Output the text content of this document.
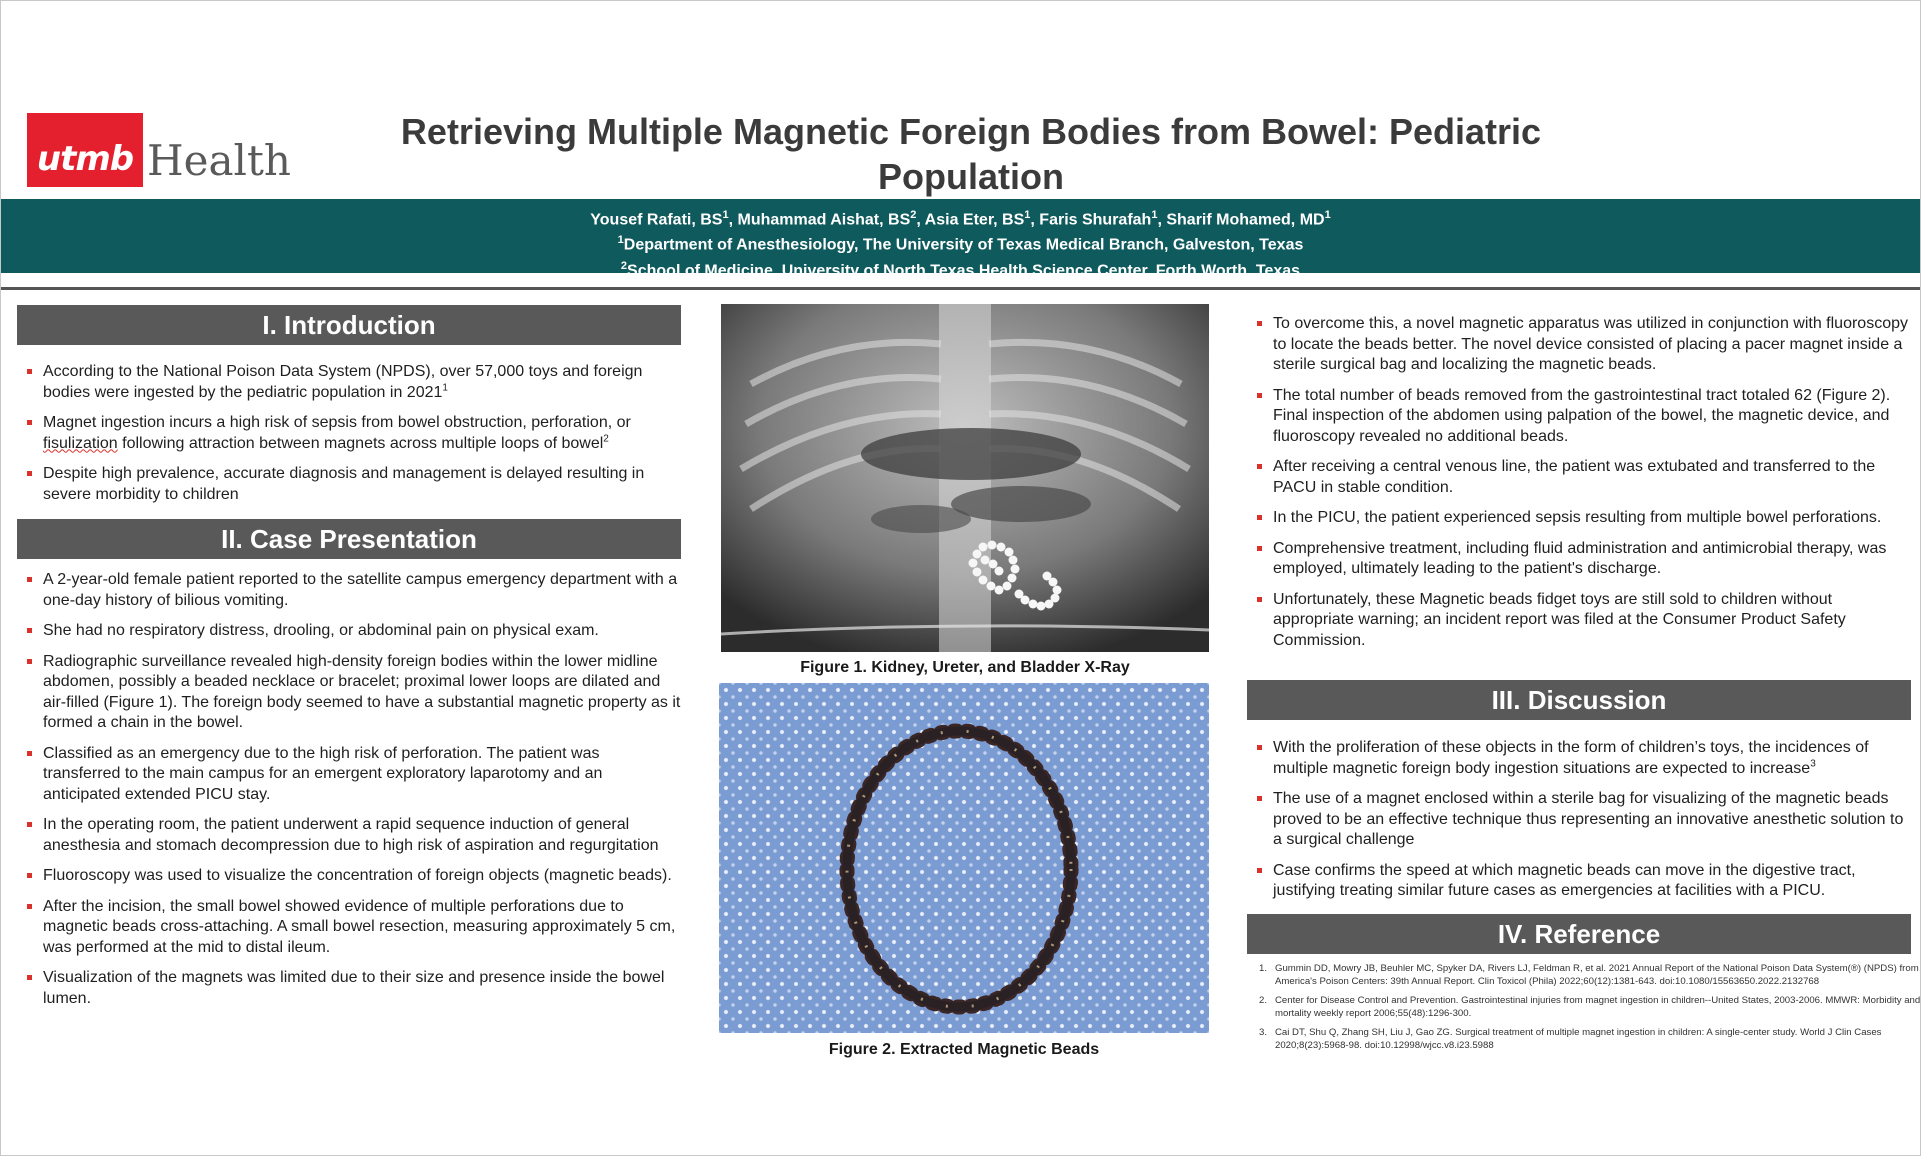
utmb Health
Retrieving Multiple Magnetic Foreign Bodies from Bowel: Pediatric Population
Yousef Rafati, $BS^1$, Muhammad Aishat, $BS^2$, Asia Eter, $BS^1$, Faris Shurafah$^1$, Sharif Mohamed, $MD^1$
$^1$Department of Anesthesiology, The University of Texas Medical Branch, Galveston, Texas
$^2$School of Medicine, University of North Texas Health Science Center, Forth Worth, Texas
I. Introduction
According to the National Poison Data System (NPDS), over 57,000 toys and foreign bodies were ingested by the pediatric population in 2021$^1$
Magnet ingestion incurs a high risk of sepsis from bowel obstruction, perforation, or fisulization following attraction between magnets across multiple loops of bowel$^2$
Despite high prevalence, accurate diagnosis and management is delayed resulting in severe morbidity to children
II. Case Presentation
A 2-year-old female patient reported to the satellite campus emergency department with a one-day history of bilious vomiting.
She had no respiratory distress, drooling, or abdominal pain on physical exam.
Radiographic surveillance revealed high-density foreign bodies within the lower midline abdomen, possibly a beaded necklace or bracelet; proximal lower loops are dilated and air-filled (Figure 1). The foreign body seemed to have a substantial magnetic property as it formed a chain in the bowel.
Classified as an emergency due to the high risk of perforation. The patient was transferred to the main campus for an emergent exploratory laparotomy and an anticipated extended PICU stay.
In the operating room, the patient underwent a rapid sequence induction of general anesthesia and stomach decompression due to high risk of aspiration and regurgitation
Fluoroscopy was used to visualize the concentration of foreign objects (magnetic beads).
After the incision, the small bowel showed evidence of multiple perforations due to magnetic beads cross-attaching. A small bowel resection, measuring approximately 5 cm, was performed at the mid to distal ileum.
Visualization of the magnets was limited due to their size and presence inside the bowel lumen.
Figure 1. Kidney, Ureter, and Bladder X-Ray
Figure 2. Extracted Magnetic Beads
To overcome this, a novel magnetic apparatus was utilized in conjunction with fluoroscopy to locate the beads better. The novel device consisted of placing a pacer magnet inside a sterile surgical bag and localizing the magnetic beads.
The total number of beads removed from the gastrointestinal tract totaled 62 (Figure 2). Final inspection of the abdomen using palpation of the bowel, the magnetic device, and fluoroscopy revealed no additional beads.
After receiving a central venous line, the patient was extubated and transferred to the PACU in stable condition.
In the PICU, the patient experienced sepsis resulting from multiple bowel perforations.
Comprehensive treatment, including fluid administration and antimicrobial therapy, was employed, ultimately leading to the patient's discharge.
Unfortunately, these Magnetic beads fidget toys are still sold to children without appropriate warning; an incident report was filed at the Consumer Product Safety Commission.
III. Discussion
With the proliferation of these objects in the form of children’s toys, the incidences of multiple magnetic foreign body ingestion situations are expected to increase$^3$
The use of a magnet enclosed within a sterile bag for visualizing of the magnetic beads proved to be an effective technique thus representing an innovative anesthetic solution to a surgical challenge
Case confirms the speed at which magnetic beads can move in the digestive tract, justifying treating similar future cases as emergencies at facilities with a PICU.
IV. Reference
1. Gummin DD, Mowry JB, Beuhler MC, Spyker DA, Rivers LJ, Feldman R, et al. 2021 Annual Report of the National Poison Data System(®) (NPDS) from America's Poison Centers: 39th Annual Report. Clin Toxicol (Phila) 2022;60(12):1381-643. doi:10.1080/15563650.2022.2132768
2. Center for Disease Control and Prevention. Gastrointestinal injuries from magnet ingestion in children--United States, 2003-2006. MMWR: Morbidity and mortality weekly report 2006;55(48):1296-300.
3. Cai DT, Shu Q, Zhang SH, Liu J, Gao ZG. Surgical treatment of multiple magnet ingestion in children: A single-center study. World J Clin Cases 2020;8(23):5968-98. doi:10.12998/wjcc.v8.i23.5988
